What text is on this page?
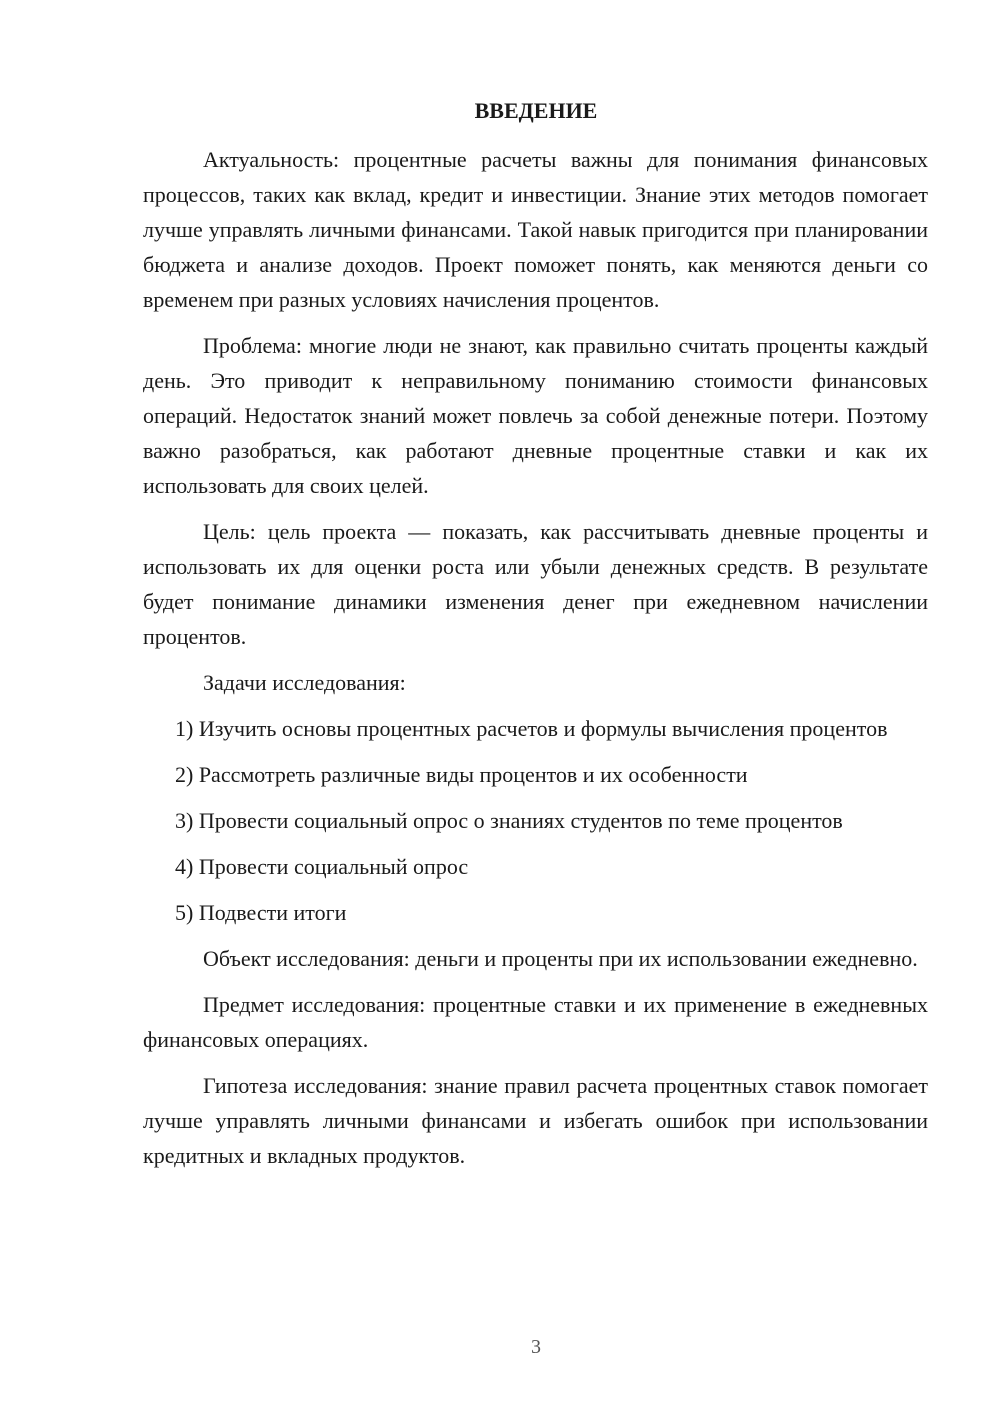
ВВЕДЕНИЕ

Актуальность: процентные расчеты важны для понимания финансовых процессов, таких как вклад, кредит и инвестиции. Знание этих методов помогает лучше управлять личными финансами. Такой навык пригодится при планировании бюджета и анализе доходов. Проект поможет понять, как меняются деньги со временем при разных условиях начисления процентов.

Проблема: многие люди не знают, как правильно считать проценты каждый день. Это приводит к неправильному пониманию стоимости финансовых операций. Недостаток знаний может повлечь за собой денежные потери. Поэтому важно разобраться, как работают дневные процентные ставки и как их использовать для своих целей.

Цель: цель проекта — показать, как рассчитывать дневные проценты и использовать их для оценки роста или убыли денежных средств. В результате будет понимание динамики изменения денег при ежедневном начислении процентов.

Задачи исследования:

1) Изучить основы процентных расчетов и формулы вычисления процентов

2) Рассмотреть различные виды процентов и их особенности

3) Провести социальный опрос о знаниях студентов по теме процентов

4) Провести социальный опрос

5) Подвести итоги

Объект исследования: деньги и проценты при их использовании ежедневно.

Предмет исследования: процентные ставки и их применение в ежедневных финансовых операциях.

Гипотеза исследования: знание правил расчета процентных ставок помогает лучше управлять личными финансами и избегать ошибок при использовании кредитных и вкладных продуктов.

3
